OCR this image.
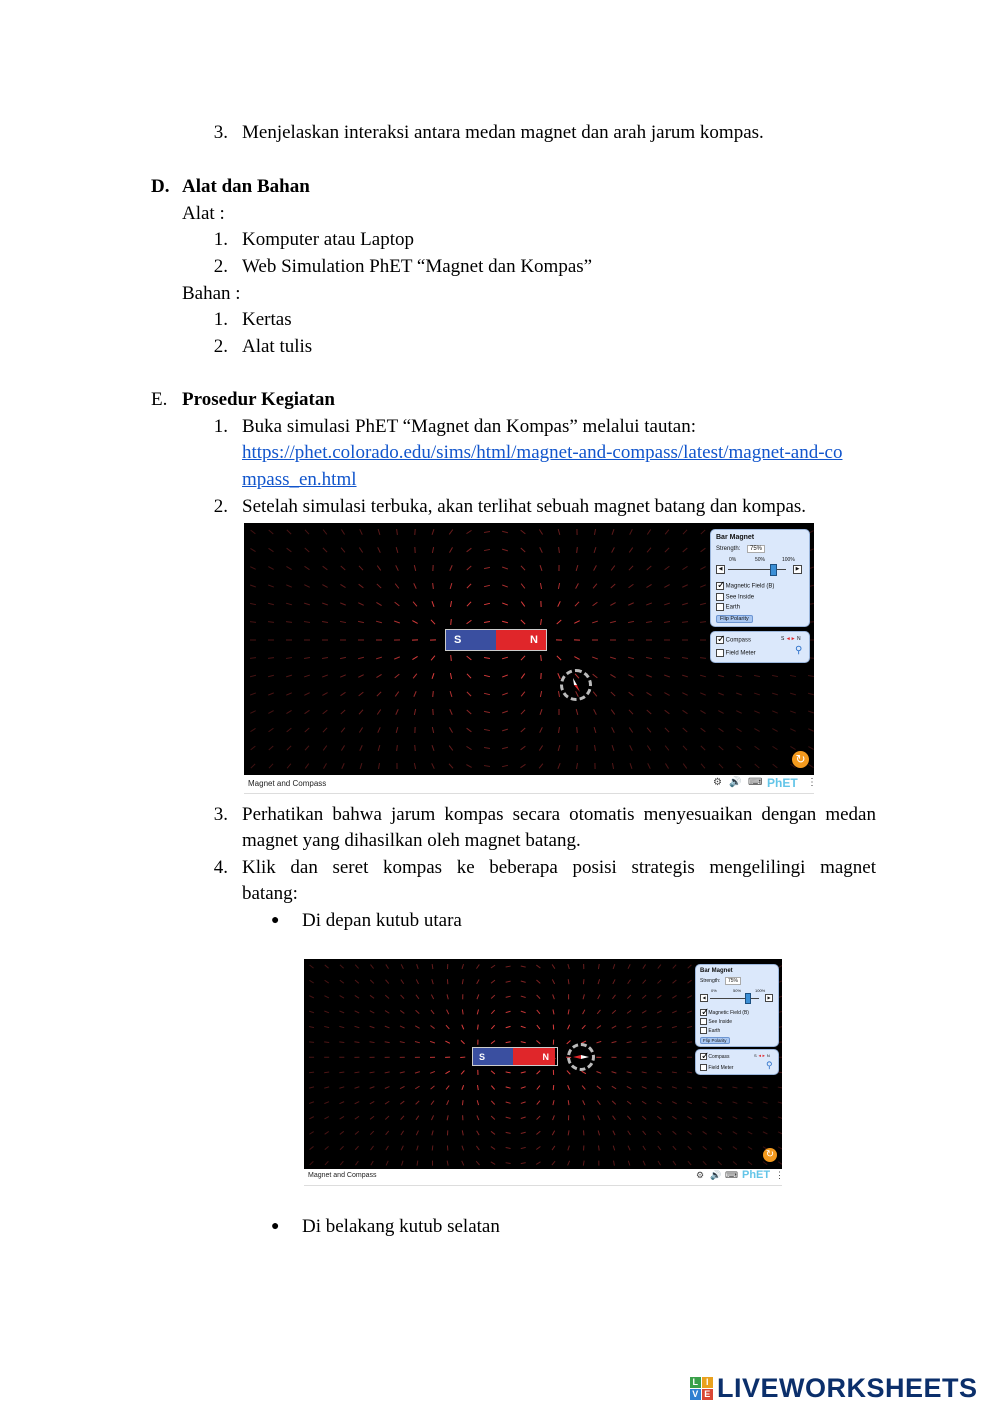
3. Menjelaskan interaksi antara medan magnet dan arah jarum kompas.
D. Alat dan Bahan
Alat :
1. Komputer atau Laptop
2. Web Simulation PhET “Magnet dan Kompas”
Bahan :
1. Kertas
2. Alat tulis
E. Prosedur Kegiatan
1. Buka simulasi PhET “Magnet dan Kompas” melalui tautan:
https://phet.colorado.edu/sims/html/magnet-and-compass/latest/magnet-and-co
mpass_en.html
2. Setelah simulasi terbuka, akan terlihat sebuah magnet batang dan kompas.
S	N
Bar Magnet
Strength:	75%
0%	50%	100%
◀	▶
✓ Magnetic Field (B)
See Inside
Earth
Flip Polarity
✓ Compass	S ◄► N
Field Meter	⚲
↻
Magnet and Compass	⚙ 🔊 ⌨ PhET ⋮
3. Perhatikan bahwa jarum kompas secara otomatis menyesuaikan dengan medan
magnet yang dihasilkan oleh magnet batang.
4. Klik dan seret kompas ke beberapa posisi strategis mengelilingi magnet
batang:
● Di depan kutub utara
S	N
Bar Magnet
Strength:	75%
0%	50%	100%
◀	▶
✓ Magnetic Field (B)
See Inside
Earth
Flip Polarity
✓ Compass	S ◄► N
Field Meter	⚲
↻
Magnet and Compass	⚙ 🔊 ⌨ PhET ⋮
● Di belakang kutub selatan
L I
V E LIVEWORKSHEETS
